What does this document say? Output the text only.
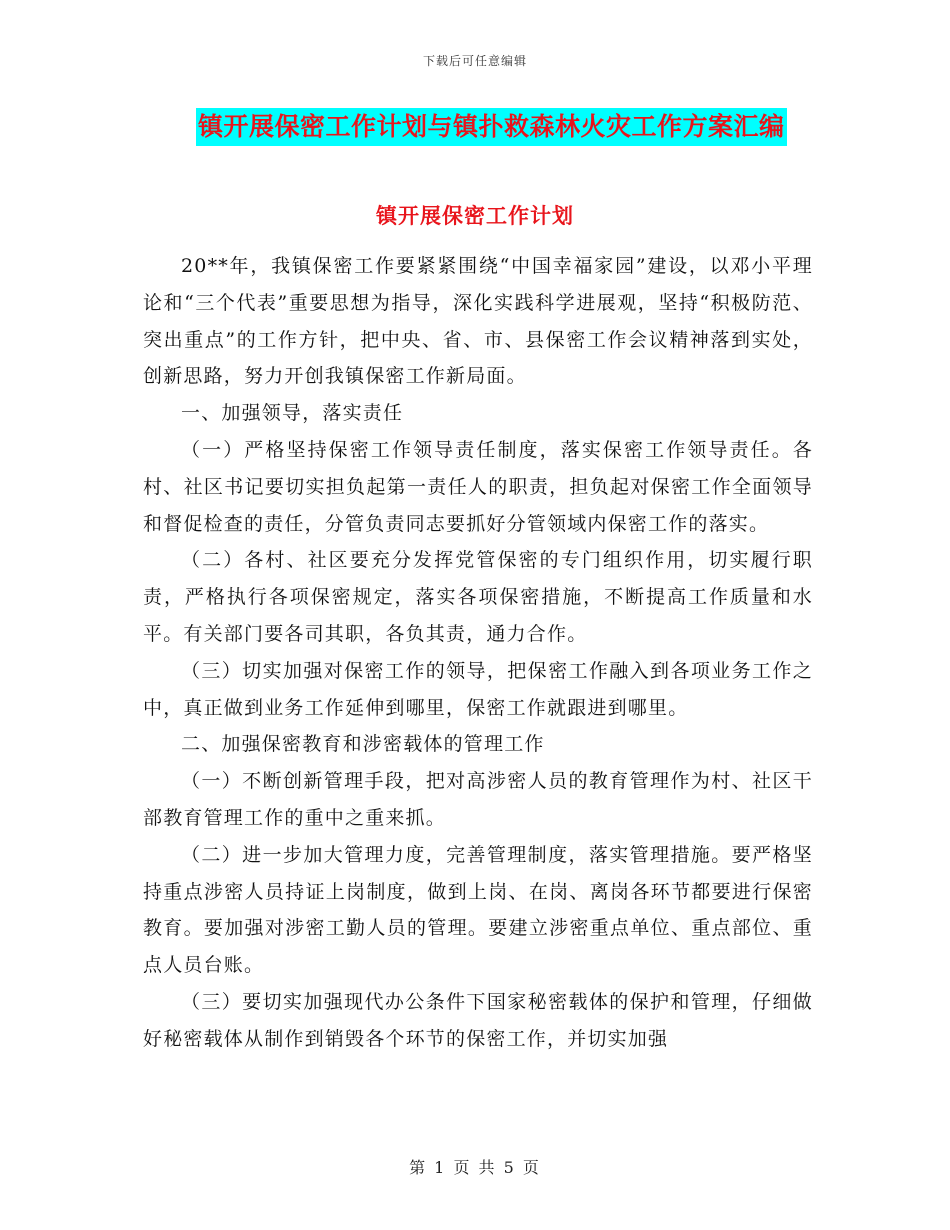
下载后可任意编辑
镇开展保密工作计划与镇扑救森林火灾工作方案汇编
镇开展保密工作计划

20**年，我镇保密工作要紧紧围绕“中国幸福家园”建设，以邓小平理论和“三个代表”重要思想为指导，深化实践科学进展观，坚持“积极防范、突出重点”的工作方针，把中央、省、市、县保密工作会议精神落到实处，创新思路，努力开创我镇保密工作新局面。

一、加强领导，落实责任

（一）严格坚持保密工作领导责任制度，落实保密工作领导责任。各村、社区书记要切实担负起第一责任人的职责，担负起对保密工作全面领导和督促检查的责任，分管负责同志要抓好分管领域内保密工作的落实。

（二）各村、社区要充分发挥党管保密的专门组织作用，切实履行职责，严格执行各项保密规定，落实各项保密措施，不断提高工作质量和水平。有关部门要各司其职，各负其责，通力合作。

（三）切实加强对保密工作的领导，把保密工作融入到各项业务工作之中，真正做到业务工作延伸到哪里，保密工作就跟进到哪里。

二、加强保密教育和涉密载体的管理工作

（一）不断创新管理手段，把对高涉密人员的教育管理作为村、社区干部教育管理工作的重中之重来抓。

（二）进一步加大管理力度，完善管理制度，落实管理措施。要严格坚持重点涉密人员持证上岗制度，做到上岗、在岗、离岗各环节都要进行保密教育。要加强对涉密工勤人员的管理。要建立涉密重点单位、重点部位、重点人员台账。

（三）要切实加强现代办公条件下国家秘密载体的保护和管理，仔细做好秘密载体从制作到销毁各个环节的保密工作，并切实加强

第 1 页 共 5 页
